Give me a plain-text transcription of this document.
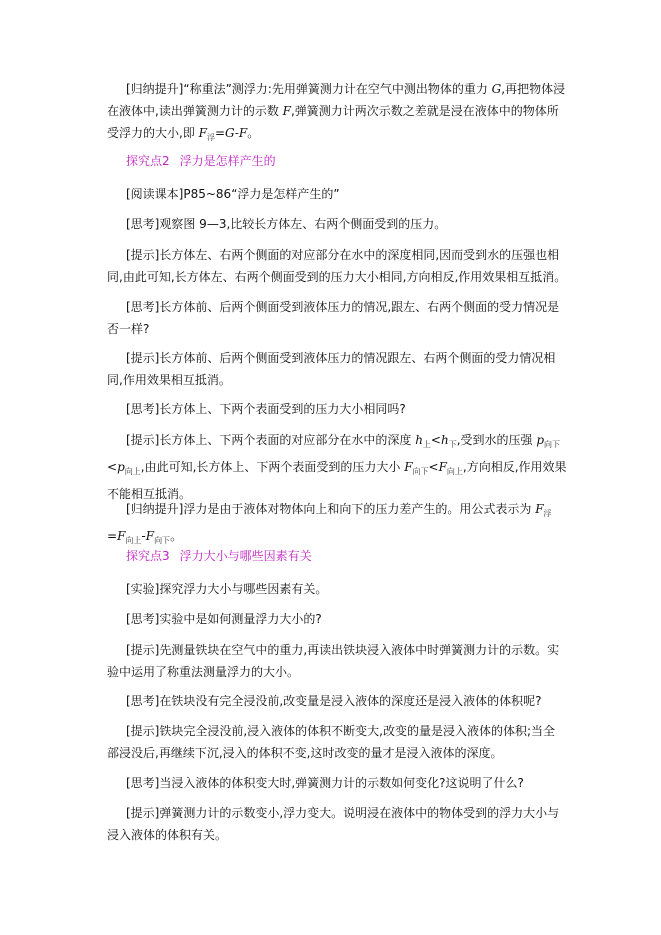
[归纳提升]“称重法”测浮力:先用弹簧测力计在空气中测出物体的重力 G,再把物体浸在液体中,读出弹簧测力计的示数 F,弹簧测力计两次示数之差就是浸在液体中的物体所受浮力的大小,即 $F_浮=G-F$。

探究点2 浮力是怎样产生的

[阅读课本]P85~86“浮力是怎样产生的”

[思考]观察图 9—3,比较长方体左、右两个侧面受到的压力。

[提示]长方体左、右两个侧面的对应部分在水中的深度相同,因而受到水的压强也相同,由此可知,长方体左、右两个侧面受到的压力大小相同,方向相反,作用效果相互抵消。

[思考]长方体前、后两个侧面受到液体压力的情况,跟左、右两个侧面的受力情况是否一样?

[提示]长方体前、后两个侧面受到液体压力的情况跟左、右两个侧面的受力情况相同,作用效果相互抵消。

[思考]长方体上、下两个表面受到的压力大小相同吗?

[提示]长方体上、下两个表面的对应部分在水中的深度 $h_上<h_下$,受到水的压强 $p_{向下}<p_{向上}$,由此可知,长方体上、下两个表面受到的压力大小 $F_{向下}<F_{向上}$,方向相反,作用效果不能相互抵消。

[归纳提升]浮力是由于液体对物体向上和向下的压力差产生的。用公式表示为 $F_浮=F_{向上}-F_{向下}$。

探究点3 浮力大小与哪些因素有关

[实验]探究浮力大小与哪些因素有关。

[思考]实验中是如何测量浮力大小的?

[提示]先测量铁块在空气中的重力,再读出铁块浸入液体中时弹簧测力计的示数。实验中运用了称重法测量浮力的大小。

[思考]在铁块没有完全浸没前,改变量是浸入液体的深度还是浸入液体的体积呢?

[提示]铁块完全浸没前,浸入液体的体积不断变大,改变的量是浸入液体的体积;当全部浸没后,再继续下沉,浸入的体积不变,这时改变的量才是浸入液体的深度。

[思考]当浸入液体的体积变大时,弹簧测力计的示数如何变化?这说明了什么?

[提示]弹簧测力计的示数变小,浮力变大。说明浸在液体中的物体受到的浮力大小与浸入液体的体积有关。
